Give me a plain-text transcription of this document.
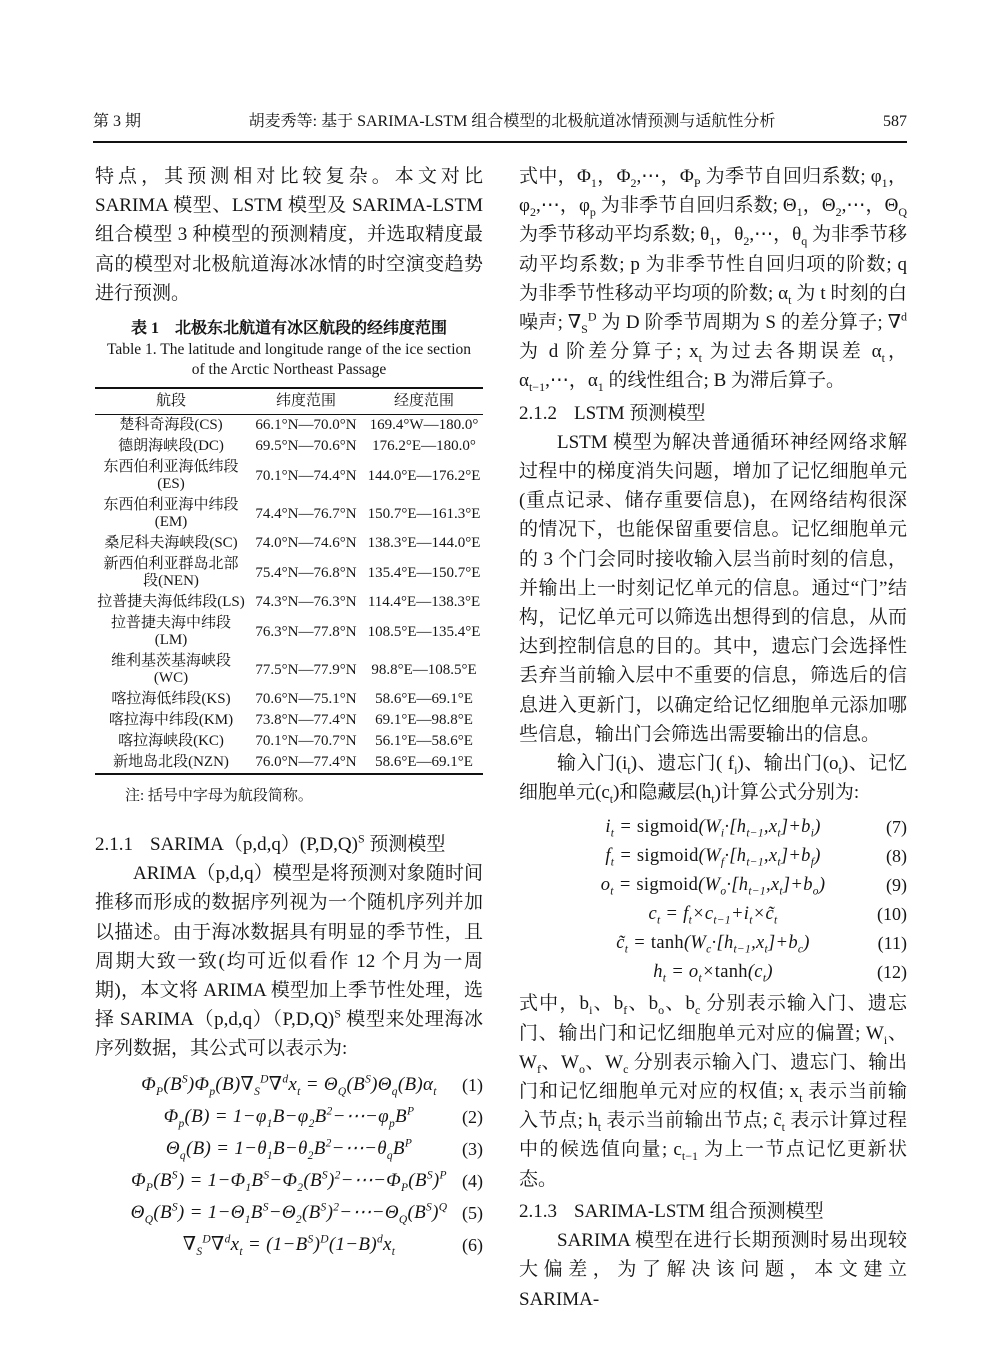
第 3 期	胡麦秀等: 基于 SARIMA-LSTM 组合模型的北极航道冰情预测与适航性分析	587

特点，其预测相对比较复杂。本文对比 SARIMA 模型、LSTM 模型及 SARIMA-LSTM 组合模型 3 种模型的预测精度，并选取精度最高的模型对北极航道海冰冰情的时空演变趋势进行预测。

表 1　北极东北航道有冰区航段的经纬度范围
Table 1. The latitude and longitude range of the ice section
of the Arctic Northeast Passage
航段	纬度范围	经度范围
楚科奇海段(CS)	66.1°N—70.0°N	169.4°W—180.0°
德朗海峡段(DC)	69.5°N—70.6°N	176.2°E—180.0°
东西伯利亚海低纬段(ES)	70.1°N—74.4°N	144.0°E—176.2°E
东西伯利亚海中纬段(EM)	74.4°N—76.7°N	150.7°E—161.3°E
桑尼科夫海峡段(SC)	74.0°N—74.6°N	138.3°E—144.0°E
新西伯利亚群岛北部段(NEN)	75.4°N—76.8°N	135.4°E—150.7°E
拉普捷夫海低纬段(LS)	74.3°N—76.3°N	114.4°E—138.3°E
拉普捷夫海中纬段(LM)	76.3°N—77.8°N	108.5°E—135.4°E
维利基茨基海峡段(WC)	77.5°N—77.9°N	98.8°E—108.5°E
喀拉海低纬段(KS)	70.6°N—75.1°N	58.6°E—69.1°E
喀拉海中纬段(KM)	73.8°N—77.4°N	69.1°E—98.8°E
喀拉海峡段(KC)	70.1°N—70.7°N	56.1°E—58.6°E
新地岛北段(NZN)	76.0°N—77.4°N	58.6°E—69.1°E
注: 括号中字母为航段简称。
2.1.1 $SARIMA(p,d,q)(P,D,Q)^S$ 预测模型

ARIMA（p,d,q）模型是将预测对象随时间推移而形成的数据序列视为一个随机序列并加以描述。由于海冰数据具有明显的季节性，且周期大致一致(均可近似看作 12 个月为一周期)，本文将 ARIMA 模型加上季节性处理，选择 SARIMA（p,d,q）（P,D,Q)$^S$ 模型来处理海冰序列数据，其公式可以表示为:

$\Phi_P(B^S)\Phi_p(B)\nabla_S^D\nabla^dx_t = \Theta_Q(B^S)\Theta_q(B)\alpha_t$ (1)
$\Phi_p(B)$ = $1-\varphi_1B-\varphi_2B^2-\cdots-\varphi_pB^P$	(2)
$\Theta_q(B)$ = $1-\theta_1B-\theta_2B^2-\cdots-\theta_qB^P$	(3)
$\Phi_P(B^S)$ = $1-\Phi_1B^S-\Phi_2(B^S)^2-\cdots-\Phi_P(B^S)^P$ (4)
$\Theta_Q(B^S)$ = $1-\Theta_1B^S-\Theta_2(B^S)^2-\cdots-\Theta_Q(B^S)^Q$ (5)
$\nabla_S^D\nabla^dx_t = (1-B^S)^D(1-B)^dx_t$	(6)

式中，$\Phi_1$，$\Phi_2,\cdots$，$\Phi_P$ 为季节自回归系数; $\varphi_1$，$\varphi_2,\cdots$，$\varphi_p$ 为非季节自回归系数; $\Theta_1$，$\Theta_2,\cdots$，$\Theta_Q$ 为季节移动平均系数; $\theta_1$，$\theta_2,\cdots$，$\theta_q$ 为非季节移动平均系数; p 为非季节性自回归项的阶数; q 为非季节性移动平均项的阶数; $\alpha_t$ 为 t 时刻的白噪声; $\nabla_S^D$ 为 D 阶季节周期为 S 的差分算子; ∇$^d$ 为 d 阶差分算子; $x_t$ 为过去各期误差 $\alpha_t$，$\alpha_{t-1},\cdots$，$\alpha_1$ 的线性组合; B 为滞后算子。

2.1.2 LSTM 预测模型

LSTM 模型为解决普通循环神经网络求解过程中的梯度消失问题，增加了记忆细胞单元(重点记录、储存重要信息)，在网络结构很深的情况下，也能保留重要信息。记忆细胞单元的 3 个门会同时接收输入层当前时刻的信息，并输出上一时刻记忆单元的信息。通过“门”结构，记忆单元可以筛选出想得到的信息，从而达到控制信息的目的。其中，遗忘门会选择性丢弃当前输入层中不重要的信息，筛选后的信息进入更新门，以确定给记忆细胞单元添加哪些信息，输出门会筛选出需要输出的信息。

输入门$(i_t)$、遗忘门( $f_i$)、输出门$(o_t)$、记忆细胞单元$(c_t)$和隐藏层$(h_t)$计算公式分别为:

$i_t$ = $sigmoid(W_i\cdot[h_{t-1},x_t]+b_i)$	(7)
$f_t$ = $sigmoid(W_f\cdot[h_{t-1},x_t]+b_f)$	(8)
$o_t$ = $sigmoid(W_o\cdot[h_{t-1},x_t]+b_o)$	(9)
$c_t$ = $f_t\times c_{t-1}+i_t\times c̃_t$	(10)
$c̃_t = \tanh(W_c\cdot[h_{t-1},x_t]+b_c)$	(11)
$h_t = o_t\times\tanh(c_t)$	(12)

式中，$b_i$、$b_f$、$b_o$、$b_c$ 分别表示输入门、遗忘门、输出门和记忆细胞单元对应的偏置; $W_i$、$W_f$、$W_o$、$W_c$ 分别表示输入门、遗忘门、输出门和记忆细胞单元对应的权值; $x_t$ 表示当前输入节点; $h_t$ 表示当前输出节点; $c̃_t$ 表示计算过程中的候选值向量; $c_{t-1}$ 为上一节点记忆更新状态。

2.1.3 SARIMA-LSTM 组合预测模型

SARIMA 模型在进行长期预测时易出现较大偏差，为了解决该问题，本文建立 SARIMA-
